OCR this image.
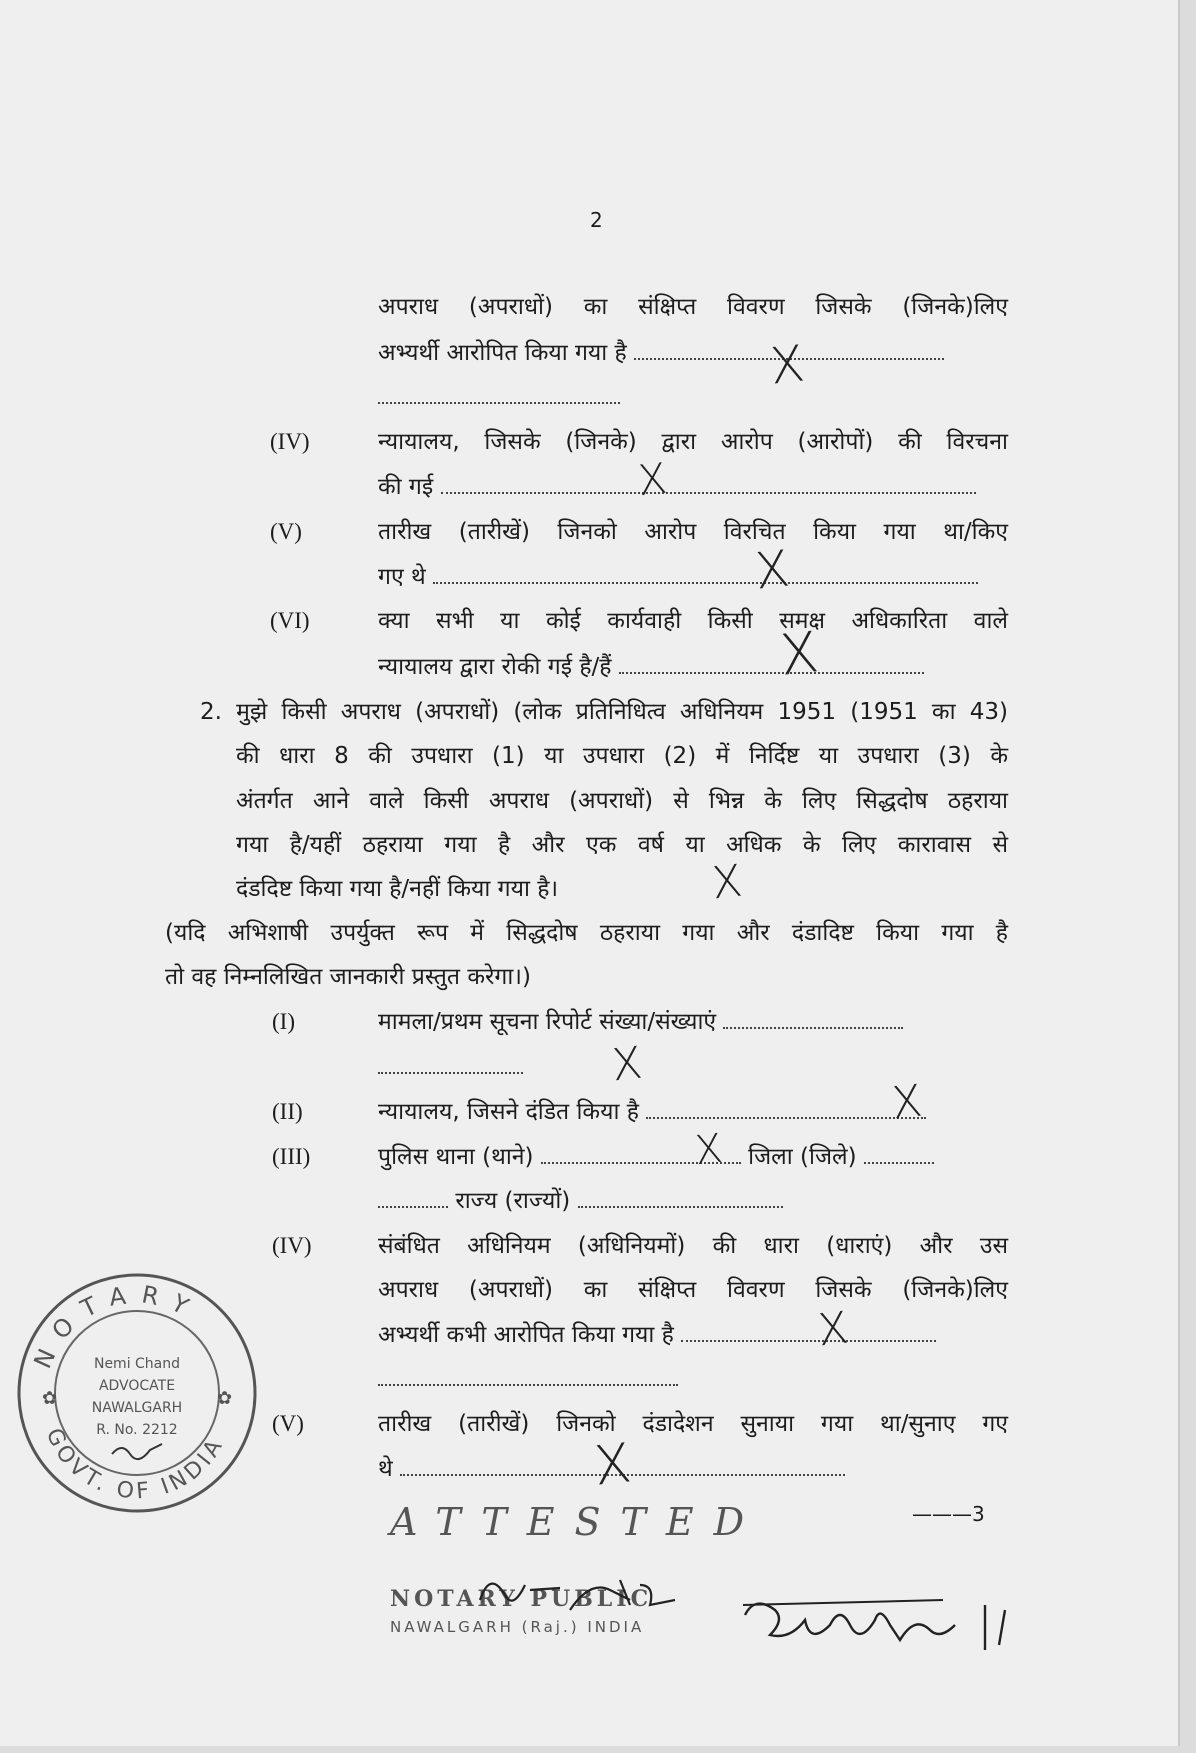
2
अपराध (अपराधों) का संक्षिप्त विवरण जिसके (जिनके)लिए
अभ्यर्थी आरोपित किया गया है	X
(IV)	न्यायालय, जिसके (जिनके) द्वारा आरोप (आरोपों) की विरचना
की गई	X
(V)	तारीख (तारीखें) जिनको आरोप विरचित किया गया था/किए
गए थे	X
(VI)	क्या सभी या कोई कार्यवाही किसी समक्ष अधिकारिता वाले
न्यायालय द्वारा रोकी गई है/हैं	X
2. मुझे किसी अपराध (अपराधों) (लोक प्रतिनिधित्व अधिनियम 1951 (1951 का 43)
की धारा 8 की उपधारा (1) या उपधारा (2) में निर्दिष्ट या उपधारा (3) के
अंतर्गत आने वाले किसी अपराध (अपराधों) से भिन्न के लिए सिद्धदोष ठहराया
गया है/यहीं ठहराया गया है और एक वर्ष या अधिक के लिए कारावास से
दंडदिष्ट किया गया है/नहीं किया गया है।	X
(यदि अभिशाषी उपर्युक्त रूप में सिद्धदोष ठहराया गया और दंडादिष्ट किया गया है
तो वह निम्नलिखित जानकारी प्रस्तुत करेगा।)
(I)	मामला/प्रथम सूचना रिपोर्ट संख्या/संख्याएं
X
(II)	न्यायालय, जिसने दंडित किया है	X
(III)	पुलिस थाना (थाने)	जिला (जिले)
X
राज्य (राज्यों)
(IV)	संबंधित अधिनियम (अधिनियमों) की धारा (धाराएं) और उस
अपराध (अपराधों) का संक्षिप्त विवरण जिसके (जिनके)लिए
अभ्यर्थी कभी आरोपित किया गया है	X
(V)	तारीख (तारीखें) जिनको दंडादेशन सुनाया गया था/सुनाए गए
थे	X
———3
NOTARY
GOVT. OF INDIA
Nemi Chand
ADVOCATE
NAWALGARH
R. No. 2212
✿	✿
ATTESTED
NOTARY PUBLIC
NAWALGARH (Raj.) INDIA
